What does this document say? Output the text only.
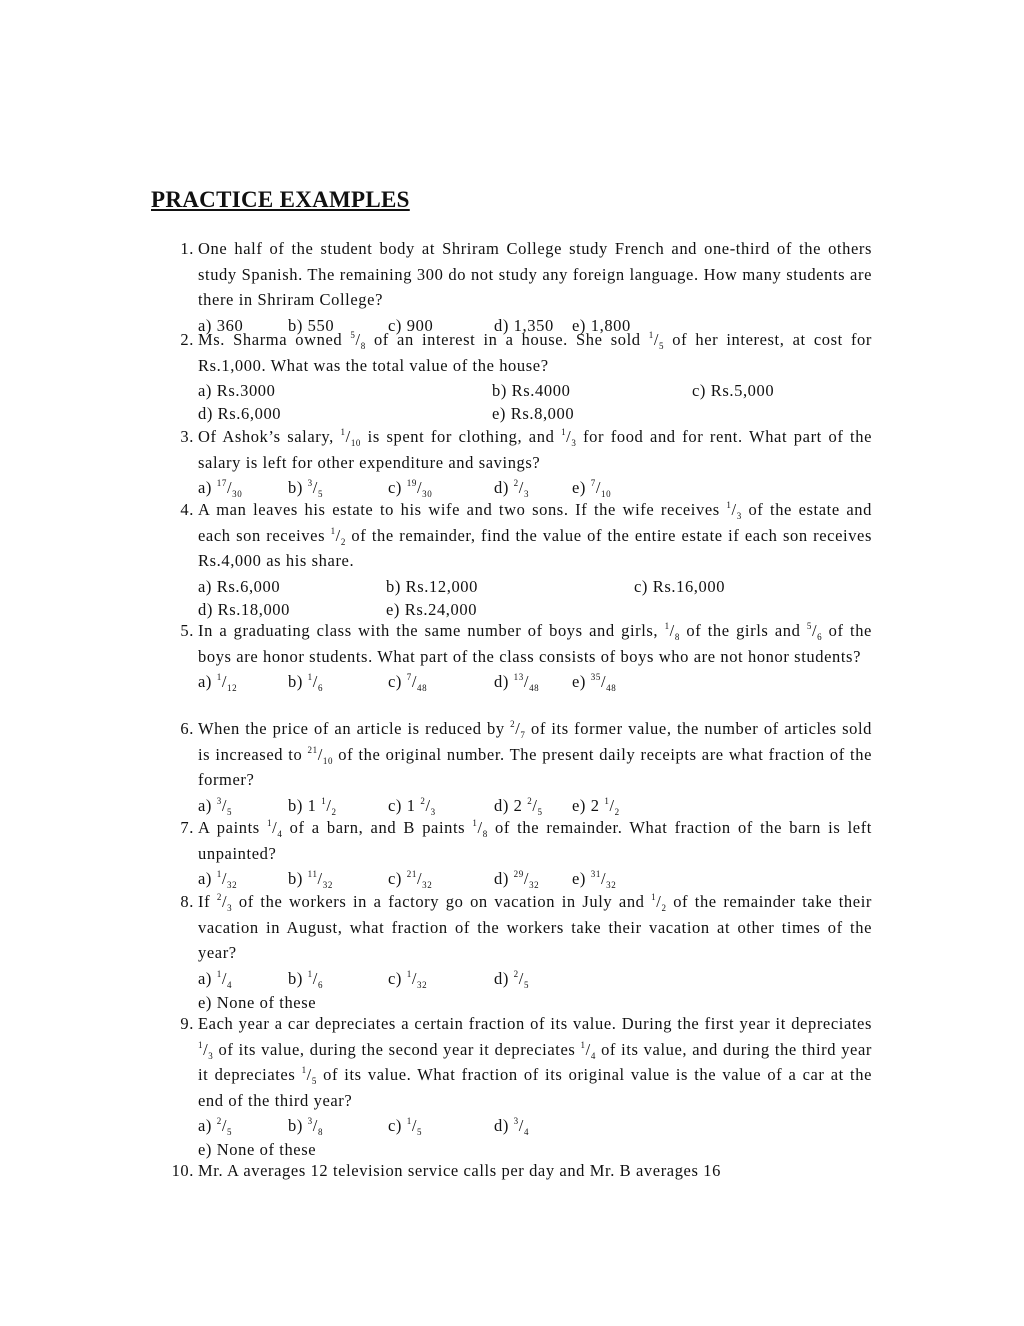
PRACTICE EXAMPLES
1. One half of the student body at Shriram College study French and one-third of the others study Spanish. The remaining 300 do not study any foreign language. How many students are there in Shriram College?

a) 360	b) 550	c) 900	d) 1,350 e) 1,800
2. Ms. Sharma owned $^5/_8$ of an interest in a house. She sold $^1/_5$ of her interest, at cost for Rs.1,000. What was the total value of the house?

a) Rs.3000	b) Rs.4000	c) Rs.5,000
d) Rs.6,000	e) Rs.8,000
3. Of Ashok’s salary, $^1/_{10}$ is spent for clothing, and $^1/_3$ for food and for rent. What part of the salary is left for other expenditure and savings?

a) $^{17}/_{30}$	b) $^3/_5$	c) $^{19}/_{30}$	d) $^2/_3$	e) $^7/_{10}$
4. A man leaves his estate to his wife and two sons. If the wife receives $^1/_3$ of the estate and each son receives $^1/_2$ of the remainder, find the value of the entire estate if each son receives Rs.4,000 as his share.

a) Rs.6,000	b) Rs.12,000	c) Rs.16,000
d) Rs.18,000	e) Rs.24,000
5. In a graduating class with the same number of boys and girls, $^1/_8$ of the girls and $^5/_6$ of the boys are honor students. What part of the class consists of boys who are not honor students?

a) $^1/_{12}$	b) $^1/_6$	c) $^7/_{48}$	d) $^{13}/_{48}$ e) $^{35}/_{48}$
6. When the price of an article is reduced by $^2/_7$ of its former value, the number of articles sold is increased to $^{21}/_{10}$ of the original number. The present daily receipts are what fraction of the former?

a) $^3/_5$	b) 1 $^1/_2$	c) 1 $^2/_3$	d) 2 $^2/_5$ e) 2 $^1/_2$
7. A paints $^1/_4$ of a barn, and B paints $^1/_8$ of the remainder. What fraction of the barn is left unpainted?

a) $^1/_{32}$	b) $^{11}/_{32}$	c) $^{21}/_{32}$	d) $^{29}/_{32}$ e) $^{31}/_{32}$
8. If $^2/_3$ of the workers in a factory go on vacation in July and $^1/_2$ of the remainder take their vacation in August, what fraction of the workers take their vacation at other times of the year?

a) $^1/_4$	b) $^1/_6$	c) $^1/_{32}$	d) $^2/_5$
e) None of these
9. Each year a car depreciates a certain fraction of its value. During the first year it depreciates $^1/_3$ of its value, during the second year it depreciates $^1/_4$ of its value, and during the third year it depreciates $^1/_5$ of its value. What fraction of its original value is the value of a car at the end of the third year?

a) $^2/_5$	b) $^3/_8$	c) $^1/_5$	d) $^3/_4$
e) None of these
10. Mr. A averages 12 television service calls per day and Mr. B averages 16
